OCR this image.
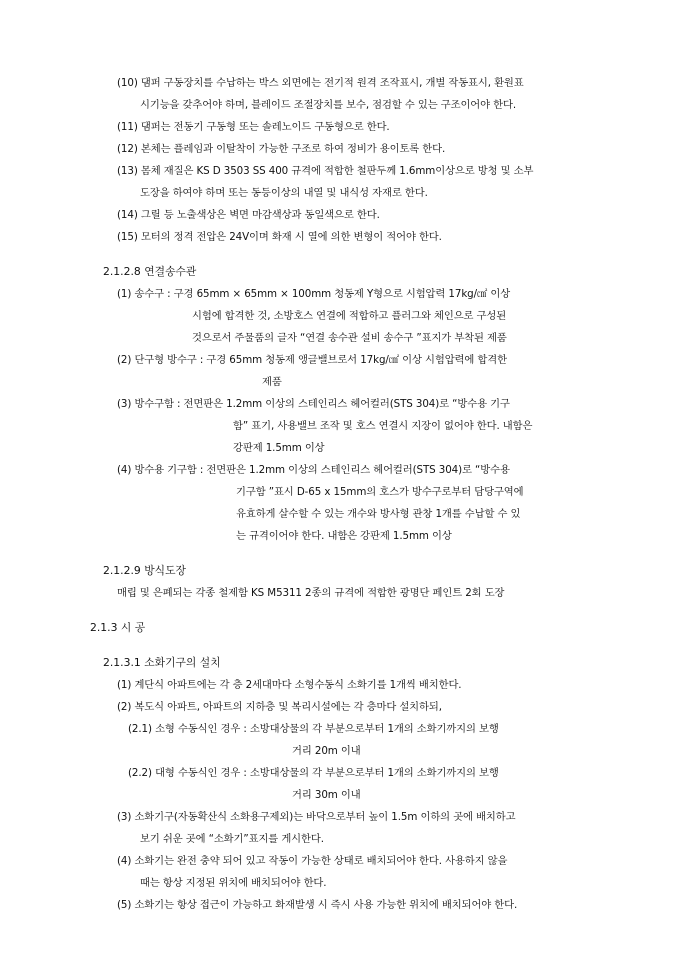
(10) 댐퍼 구동장치를 수납하는 박스 외면에는 전기적 원격 조작표시, 개별 작동표시, 환원표
시기능을 갖추어야 하며, 블레이드 조절장치를 보수, 점검할 수 있는 구조이어야 한다.
(11) 댐퍼는 전동기 구동형 또는 솔레노이드 구동형으로 한다.
(12) 본체는 플레임과 이탈착이 가능한 구조로 하여 정비가 용이토록 한다.
(13) 몸체 재질은 KS D 3503 SS 400 규격에 적합한 철판두께 1.6mm이상으로 방청 및 소부
도장을 하여야 하며 또는 동등이상의 내열 및 내식성 자재로 한다.
(14) 그릴 등 노출색상은 벽면 마감색상과 동일색으로 한다.
(15) 모터의 정격 전압은 24V이며 화재 시 열에 의한 변형이 적어야 한다.
2.1.2.8 연결송수관
(1) 송수구 : 구경 65mm × 65mm × 100mm 청동제 Y형으로 시험압력 17kg/㎠ 이상
시험에 합격한 것, 소방호스 연결에 적합하고 플러그와 체인으로 구성된
것으로서 주물품의 글자 “연결 송수관 설비 송수구 ”표지가 부착된 제품
(2) 단구형 방수구 : 구경 65mm 청동제 앵글밸브로서 17kg/㎠ 이상 시험압력에 합격한
제품
(3) 방수구함 : 전면판은 1.2mm 이상의 스테인리스 헤어컬러(STS 304)로 “방수용 기구
함” 표기, 사용밸브 조작 및 호스 연결시 지장이 없어야 한다. 내함은
강판제 1.5mm 이상
(4) 방수용 기구함 : 전면판은 1.2mm 이상의 스테인리스 헤어컬러(STS 304)로 “방수용
기구함 ”표시 D-65 x 15mm의 호스가 방수구로부터 담당구역에
유효하게 살수할 수 있는 개수와 방사형 관창 1개를 수납할 수 있
는 규격이어야 한다. 내함은 강판제 1.5mm 이상
2.1.2.9 방식도장
매립 및 은폐되는 각종 철제함 KS M5311 2종의 규격에 적합한 광명단 페인트 2회 도장
2.1.3 시 공
2.1.3.1 소화기구의 설치
(1) 계단식 아파트에는 각 층 2세대마다 소형수동식 소화기를 1개씩 배치한다.
(2) 복도식 아파트, 아파트의 지하층 및 복리시설에는 각 층마다 설치하되,
(2.1) 소형 수동식인 경우 : 소방대상물의 각 부분으로부터 1개의 소화기까지의 보행
거리 20m 이내
(2.2) 대형 수동식인 경우 : 소방대상물의 각 부분으로부터 1개의 소화기까지의 보행
거리 30m 이내
(3) 소화기구(자동확산식 소화용구제외)는 바닥으로부터 높이 1.5m 이하의 곳에 배치하고
보기 쉬운 곳에 “소화기”표지를 게시한다.
(4) 소화기는 완전 충약 되어 있고 작동이 가능한 상태로 배치되어야 한다. 사용하지 않을
때는 항상 지정된 위치에 배치되어야 한다.
(5) 소화기는 항상 접근이 가능하고 화재발생 시 즉시 사용 가능한 위치에 배치되어야 한다.
